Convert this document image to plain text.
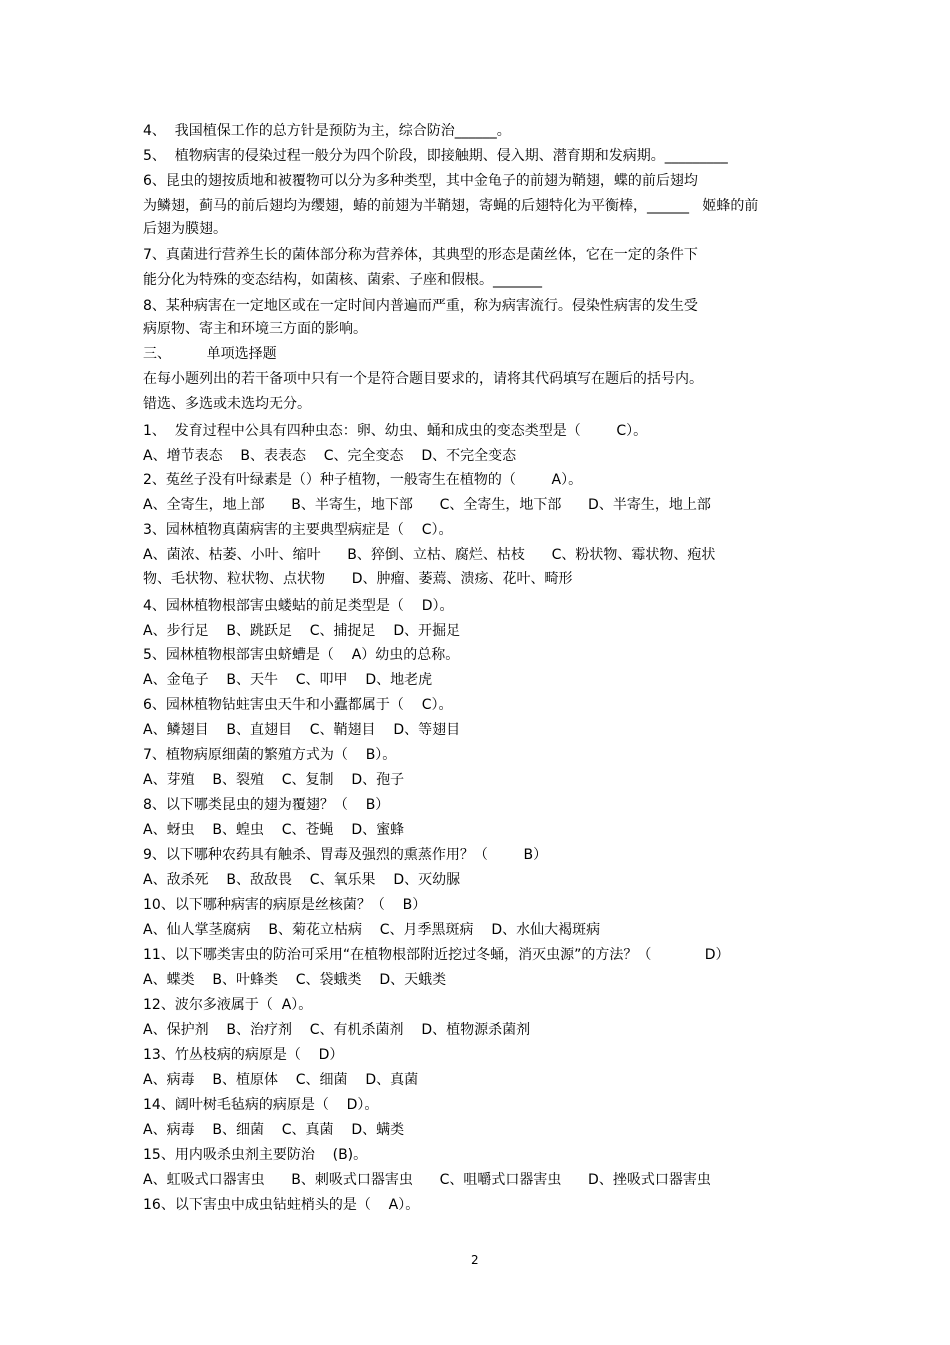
4、  我国植保工作的总方针是预防为主，综合防治______。
5、  植物病害的侵染过程一般分为四个阶段，即接触期、侵入期、潜育期和发病期。_________
6、昆虫的翅按质地和被覆物可以分为多种类型，其中金龟子的前翅为鞘翅，蝶的前后翅均
为鳞翅，蓟马的前后翅均为缨翅，蝽的前翅为半鞘翅，寄蝇的后翅特化为平衡棒，______   姬蜂的前
后翅为膜翅。
7、真菌进行营养生长的菌体部分称为营养体，其典型的形态是菌丝体，它在一定的条件下
能分化为特殊的变态结构，如菌核、菌索、子座和假根。_______
8、某种病害在一定地区或在一定时间内普遍而严重，称为病害流行。侵染性病害的发生受
病原物、寄主和环境三方面的影响。
三、        单项选择题
在每小题列出的若干备项中只有一个是符合题目要求的，请将其代码填写在题后的括号内。
错选、多选或未选均无分。
1、  发育过程中公具有四种虫态：卵、幼虫、蛹和成虫的变态类型是（        C）。
A、增节表态    B、表表态    C、完全变态    D、不完全变态
2、菟丝子没有叶绿素是（）种子植物，一般寄生在植物的（        A）。
A、全寄生，地上部      B、半寄生，地下部      C、全寄生，地下部      D、半寄生，地上部
3、园林植物真菌病害的主要典型病症是（    C）。
A、菌浓、枯萎、小叶、缩叶      B、猝倒、立枯、腐烂、枯枝      C、粉状物、霉状物、疱状
物、毛状物、粒状物、点状物      D、肿瘤、萎蔫、溃疡、花叶、畸形
4、园林植物根部害虫蝼蛄的前足类型是（    D）。
A、步行足    B、跳跃足    C、捕捉足    D、开掘足
5、园林植物根部害虫蛴螬是（    A）幼虫的总称。
A、金龟子    B、天牛    C、叩甲    D、地老虎
6、园林植物钻蛀害虫天牛和小蠹都属于（    C）。
A、鳞翅目    B、直翅目    C、鞘翅目    D、等翅目
7、植物病原细菌的繁殖方式为（    B）。
A、芽殖    B、裂殖    C、复制    D、孢子
8、以下哪类昆虫的翅为覆翅？（    B）
A、蚜虫    B、蝗虫    C、苍蝇    D、蜜蜂
9、以下哪种农药具有触杀、胃毒及强烈的熏蒸作用？（        B）
A、敌杀死    B、敌敌畏    C、氧乐果    D、灭幼脲
10、以下哪种病害的病原是丝核菌？（    B）
A、仙人掌茎腐病    B、菊花立枯病    C、月季黑斑病    D、水仙大褐斑病
11、以下哪类害虫的防治可采用“在植物根部附近挖过冬蛹，消灭虫源”的方法？（            D）
A、蝶类    B、叶蜂类    C、袋蛾类    D、天蛾类
12、波尔多液属于（  A）。
A、保护剂    B、治疗剂    C、有机杀菌剂    D、植物源杀菌剂
13、竹丛枝病的病原是（    D）
A、病毒    B、植原体    C、细菌    D、真菌
14、阔叶树毛毡病的病原是（    D）。
A、病毒    B、细菌    C、真菌    D、螨类
15、用内吸杀虫剂主要防治    (B)。
A、虹吸式口器害虫      B、刺吸式口器害虫      C、咀嚼式口器害虫      D、挫吸式口器害虫
16、以下害虫中成虫钻蛀梢头的是（    A）。
2
